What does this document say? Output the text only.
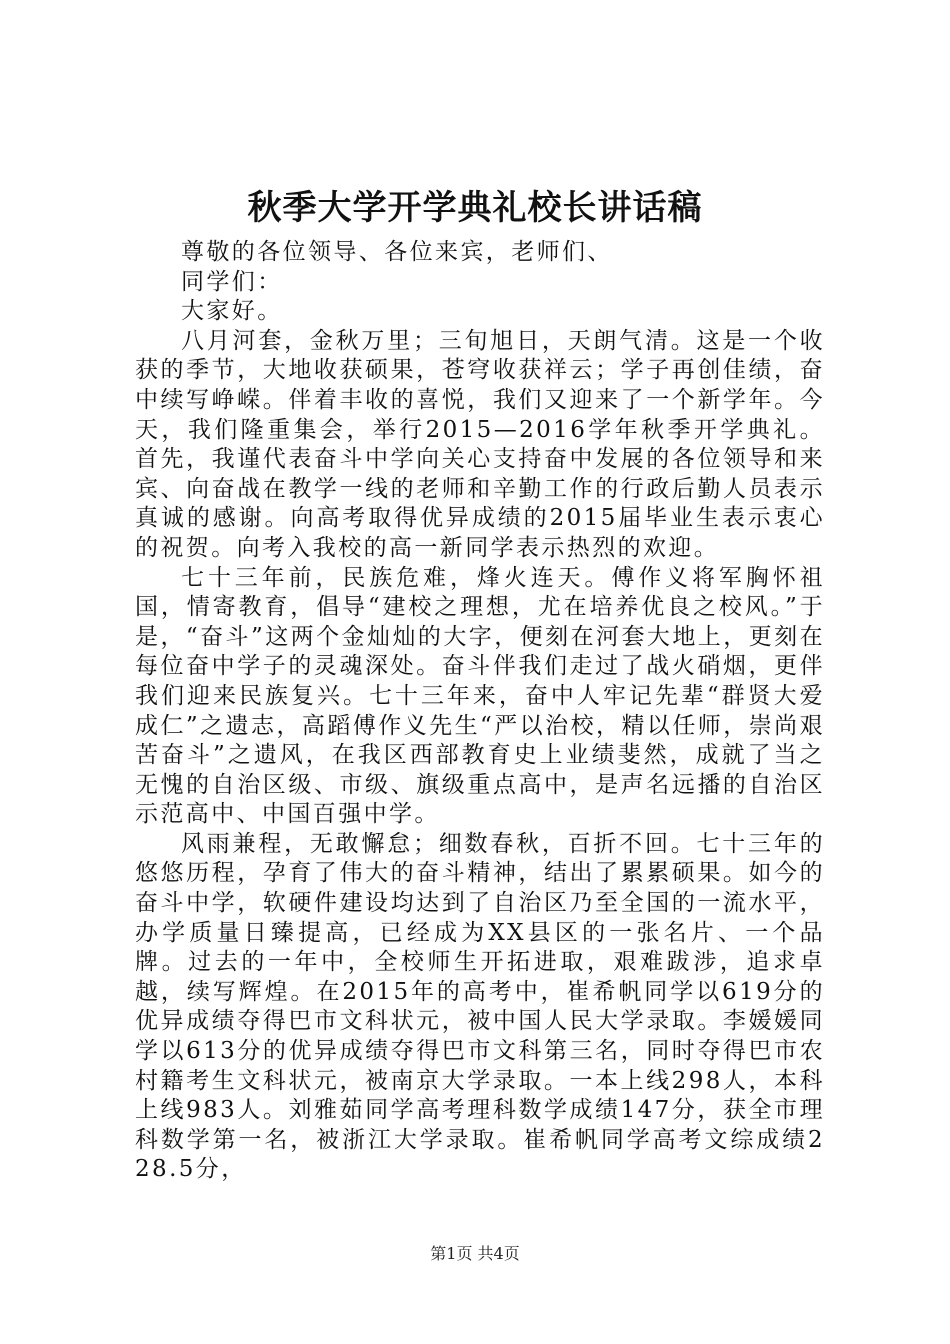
秋季大学开学典礼校长讲话稿

尊敬的各位领导、各位来宾，老师们、

同学们：

大家好。

八月河套，金秋万里；三旬旭日，天朗气清。这是一个收获的季节，大地收获硕果，苍穹收获祥云；学子再创佳绩，奋中续写峥嵘。伴着丰收的喜悦，我们又迎来了一个新学年。今天，我们隆重集会，举行2015—2016学年秋季开学典礼。首先，我谨代表奋斗中学向关心支持奋中发展的各位领导和来宾、向奋战在教学一线的老师和辛勤工作的行政后勤人员表示真诚的感谢。向高考取得优异成绩的2015届毕业生表示衷心的祝贺。向考入我校的高一新同学表示热烈的欢迎。

七十三年前，民族危难，烽火连天。傅作义将军胸怀祖国，情寄教育，倡导“建校之理想，尤在培养优良之校风。”于是，“奋斗”这两个金灿灿的大字，便刻在河套大地上，更刻在每位奋中学子的灵魂深处。奋斗伴我们走过了战火硝烟，更伴我们迎来民族复兴。七十三年来，奋中人牢记先辈“群贤大爱成仁”之遗志，高蹈傅作义先生“严以治校，精以任师，崇尚艰苦奋斗”之遗风，在我区西部教育史上业绩斐然，成就了当之无愧的自治区级、市级、旗级重点高中，是声名远播的自治区示范高中、中国百强中学。

风雨兼程，无敢懈怠；细数春秋，百折不回。七十三年的悠悠历程，孕育了伟大的奋斗精神，结出了累累硕果。如今的奋斗中学，软硬件建设均达到了自治区乃至全国的一流水平，办学质量日臻提高，已经成为XX县区的一张名片、一个品牌。过去的一年中，全校师生开拓进取，艰难跋涉，追求卓越，续写辉煌。在2015年的高考中，崔希帆同学以619分的优异成绩夺得巴市文科状元，被中国人民大学录取。李媛媛同学以613分的优异成绩夺得巴市文科第三名，同时夺得巴市农村籍考生文科状元，被南京大学录取。一本上线298人，本科上线983人。刘雅茹同学高考理科数学成绩147分，获全市理科数学第一名，被浙江大学录取。崔希帆同学高考文综成绩228.5分，

第1页 共4页
